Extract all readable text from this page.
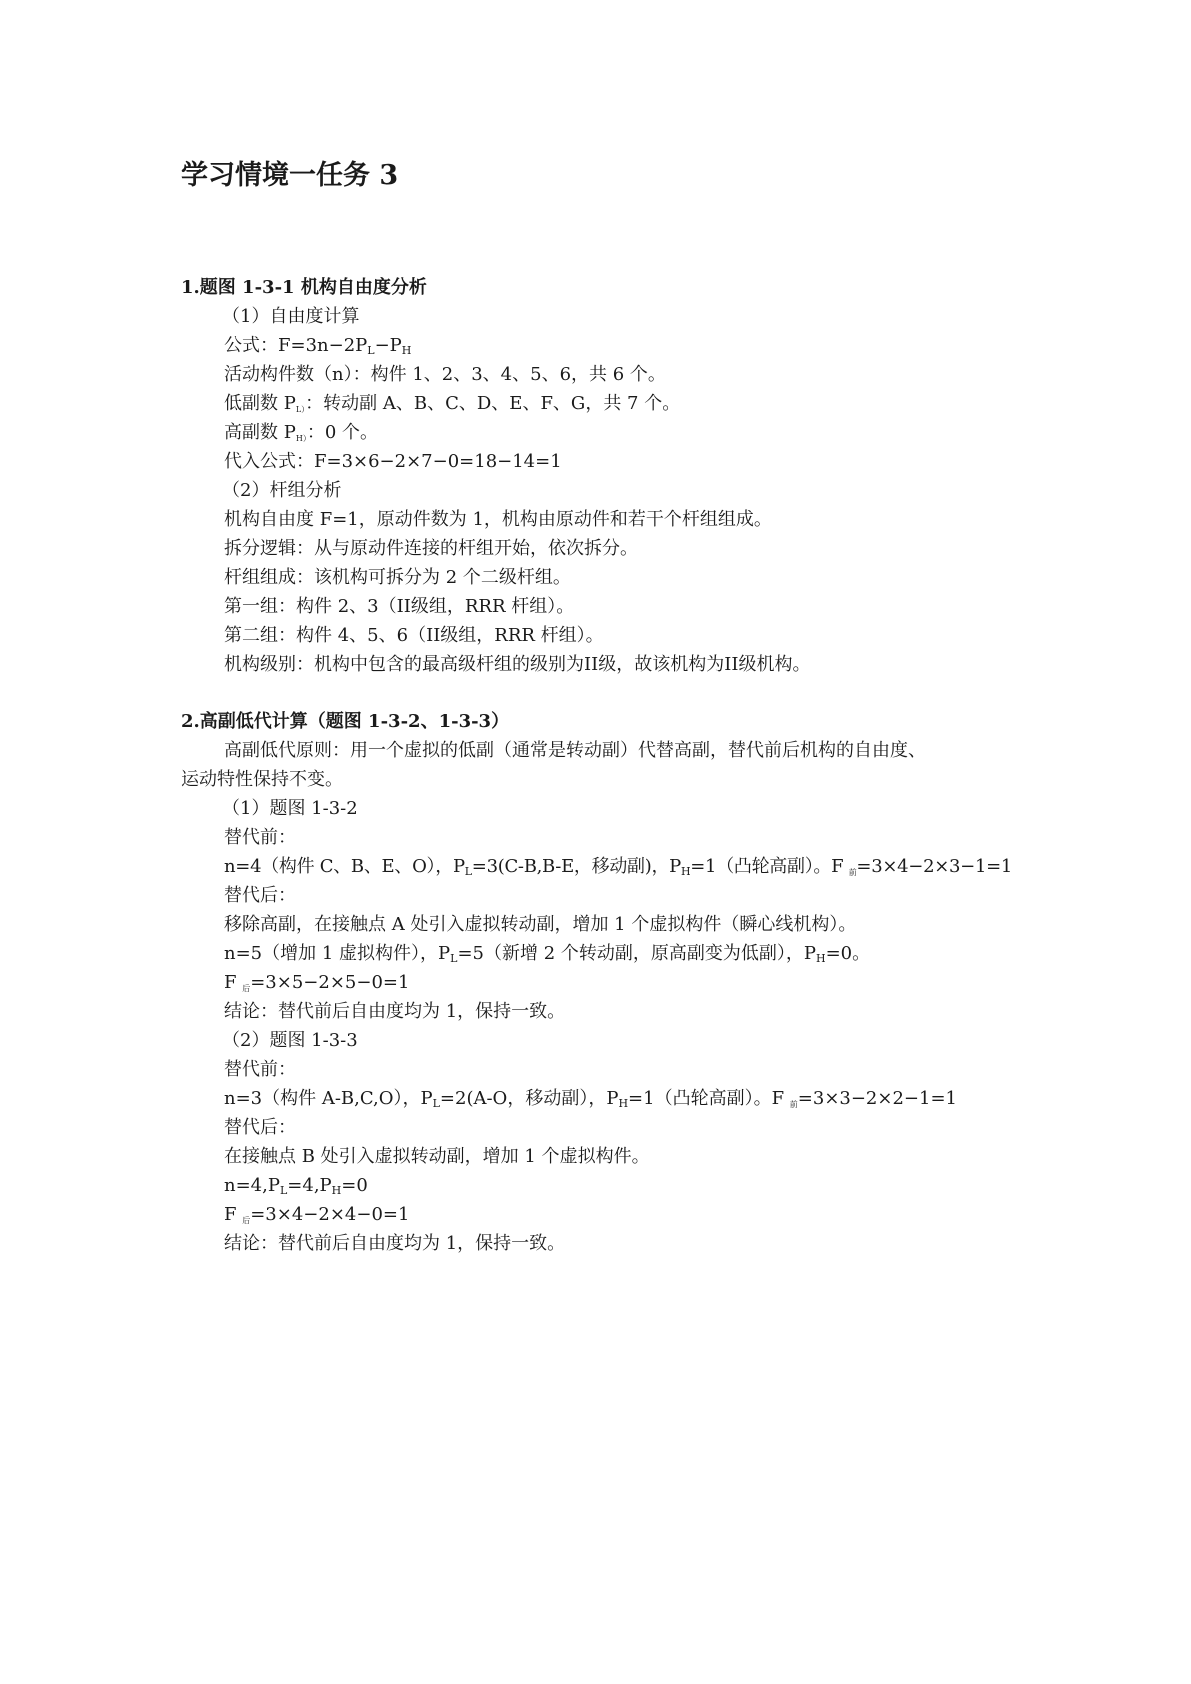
学习情境一任务 3

1.题图 1-3-1 机构自由度分析

（1）自由度计算

公式：$F=3n-2P_L-P_H$

活动构件数（n）：构件 1、2、3、4、5、6，共 6 个。

低副数 $P_{L)}$：转动副 A、B、C、D、E、F、G，共 7 个。

高副数 $P_{H)}$：0 个。

代入公式：F=3×6−2×7−0=18−14=1

（2）杆组分析

机构自由度 F=1，原动件数为 1，机构由原动件和若干个杆组组成。

拆分逻辑：从与原动件连接的杆组开始，依次拆分。

杆组组成：该机构可拆分为 2 个二级杆组。

第一组：构件 2、3（II级组，RRR 杆组）。

第二组：构件 4、5、6（II级组，RRR 杆组）。

机构级别：机构中包含的最高级杆组的级别为II级，故该机构为II级机构。

2.高副低代计算（题图 1-3-2、1-3-3）

高副低代原则：用一个虚拟的低副（通常是转动副）代替高副，替代前后机构的自由度、

运动特性保持不变。

（1）题图 1-3-2

替代前：

n=4（构件 C、B、E、O），$P_L=3(C-B,B-E$，移动副)，$P_H=1$（凸轮高副）。F $_前$=3×4−2×3−1=1

替代后：

移除高副，在接触点 A 处引入虚拟转动副，增加 1 个虚拟构件（瞬心线机构）。

n=5（增加 1 虚拟构件），$P_L=5$（新增 2 个转动副，原高副变为低副），$P_H=0$。

F $_后$=3×5−2×5−0=1

结论：替代前后自由度均为 1，保持一致。

（2）题图 1-3-3

替代前：

n=3（构件 A-B,C,O），$P_L=2(A-O$，移动副），$P_H=1$（凸轮高副）。F $_前$=3×3−2×2−1=1

替代后：

在接触点 B 处引入虚拟转动副，增加 1 个虚拟构件。

$n=4,P_L=4,P_H=0$

F $_后$=3×4−2×4−0=1

结论：替代前后自由度均为 1，保持一致。
